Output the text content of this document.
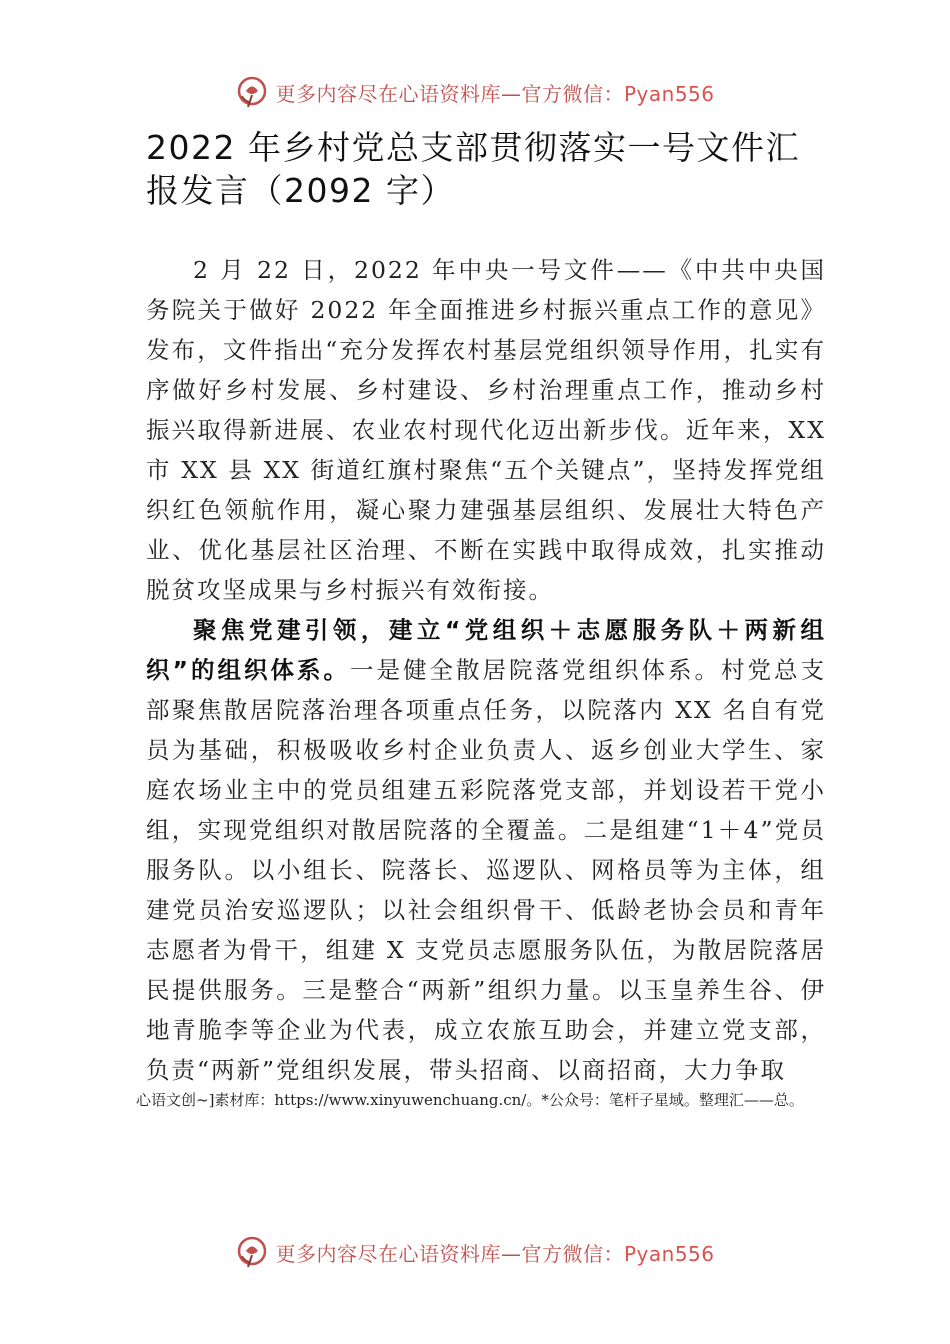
更多内容尽在心语资料库—官方微信：Pyan556
2022 年乡村党总支部贯彻落实一号文件汇报发言（2092 字）

2 月 22 日，2022 年中央一号文件——《中共中央国务院关于做好 2022 年全面推进乡村振兴重点工作的意见》发布，文件指出“充分发挥农村基层党组织领导作用，扎实有序做好乡村发展、乡村建设、乡村治理重点工作，推动乡村振兴取得新进展、农业农村现代化迈出新步伐。近年来，XX 市 XX 县 XX 街道红旗村聚焦“五个关键点”，坚持发挥党组织红色领航作用，凝心聚力建强基层组织、发展壮大特色产业、优化基层社区治理、不断在实践中取得成效，扎实推动脱贫攻坚成果与乡村振兴有效衔接。

聚焦党建引领，建立“党组织＋志愿服务队＋两新组织”的组织体系。一是健全散居院落党组织体系。村党总支部聚焦散居院落治理各项重点任务，以院落内 XX 名自有党员为基础，积极吸收乡村企业负责人、返乡创业大学生、家庭农场业主中的党员组建五彩院落党支部，并划设若干党小组，实现党组织对散居院落的全覆盖。二是组建“1＋4”党员服务队。以小组长、院落长、巡逻队、网格员等为主体，组建党员治安巡逻队；以社会组织骨干、低龄老协会员和青年志愿者为骨干，组建 X 支党员志愿服务队伍，为散居院落居民提供服务。三是整合“两新”组织力量。以玉皇养生谷、伊地青脆李等企业为代表，成立农旅互助会，并建立党支部，负责“两新”党组织发展，带头招商、以商招商，大力争取

心语文创~]素材库：https://www.xinyuwenchuang.cn/。*公众号：笔杆子星域。整理汇——总。
更多内容尽在心语资料库—官方微信：Pyan556
